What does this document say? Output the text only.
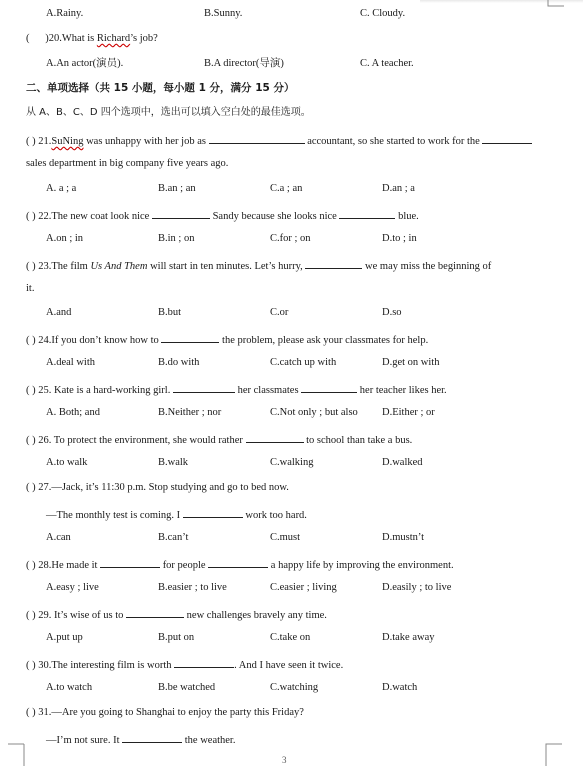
A.Rainy.	B.Sunny.	C. Cloudy.
( )20.What is Richard’s job?
A.An actor(演员).	B.A director(导演)	C. A teacher.
二、单项选择（共 15 小题，每小题 1 分，满分 15 分）
从 A、B、C、D 四个选项中，选出可以填入空白处的最佳选项。
( ) 21.SuNing was unhappy with her job as	accountant, so she started to work for the
sales department in big company five years ago.
A. a ; a	B.an ; an	C.a ; an	D.an ; a
( ) 22.The new coat look nice	Sandy because she looks nice	blue.
A.on ; in	B.in ; on	C.for ; on	D.to ; in
( ) 23.The film Us And Them will start in ten minutes. Let’s hurry,	we may miss the beginning of
it.
A.and	B.but	C.or	D.so
( ) 24.If you don’t know how to	the problem, please ask your classmates for help.
A.deal with	B.do with	C.catch up with	D.get on with
( ) 25. Kate is a hard-working girl.	her classmates	her teacher likes her.
A. Both; and	B.Neither ; nor	C.Not only ; but also D.Either ; or
( ) 26. To protect the environment, she would rather	to school than take a bus.
A.to walk	B.walk	C.walking	D.walked
( ) 27.—Jack, it’s 11:30 p.m. Stop studying and go to bed now.
—The monthly test is coming. I	work too hard.
A.can	B.can’t	C.must	D.mustn’t
( ) 28.He made it	for people	a happy life by improving the environment.
A.easy ; live	B.easier ; to live	C.easier ; living	D.easily ; to live
( ) 29. It’s wise of us to	new challenges bravely any time.
A.put up	B.put on	C.take on	D.take away
( ) 30.The interesting film is worth	. And I have seen it twice.
A.to watch	B.be watched	C.watching	D.watch
( ) 31.—Are you going to Shanghai to enjoy the party this Friday?
—I’m not sure. It	the weather.
3
